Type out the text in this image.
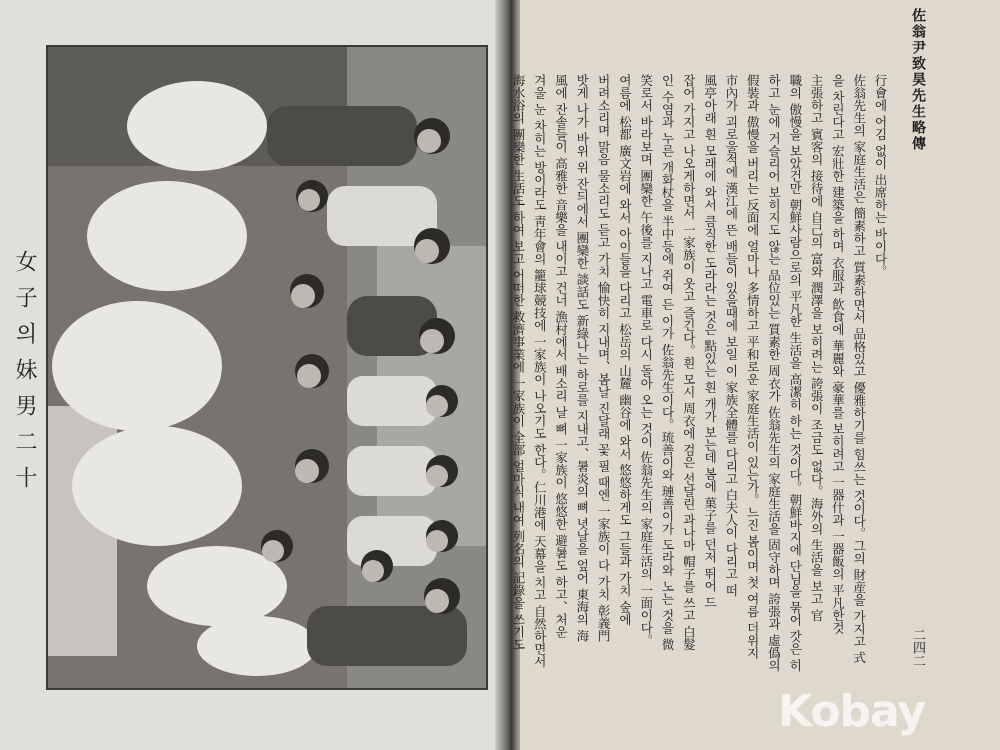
女子의妹男二十
佐翁尹致昊先生略傳
二四二

行會에 어김 없이 出席하는 바이다。

佐翁先生의 家庭生活은 簡素하고 質素하면서 品格있고 優雅하기를 힘쓰는 것이다。그의 財産을 가지고 式

을 차린다고 宏壯한 建築을 하며 衣服과 飮食에 華麗와 豪華를 보히려고 一器什과 一器飯의 平凡한것

主張하고 賓客의 接待에 自己의 富와 潤澤을 보히려는 誇張이 조금도 없다。海外의 生活을 보고 官

職의 傲慢을 보았건만 朝鮮사람으로의 平凡한 生活을 高潔히 하는 것이다。朝鮮바지에 단님을 묶어 갓은 히

하고 눈에 거슬리어 보히지도 않는 品位있는 質素한 周衣가 佐翁先生의 家庭生活을 固守하며 誇張과 虛僞의

假裝과 傲慢을 버리는 反面에 얼마나 多情하고 平和로운 家庭生活이 있는가。느진 봄이며 첫 여름 더위지

市內가 괴로울적에 漢江에 뜬 배들이 있을때에 보일 이 家族全體를 다리고 白夫人이 다리고 떠

風亭아래 흰 모래에 와서 큼직한 도라라는 것은 點있는 흰 개가 보는데 봄에 菓子를 던저 뛰어 드

잡어 가지고 나오게하면서 一家族이 웃고 즐긴다。흰 모시 周衣에 검은 선달린 과나마 帽子를 쓰고 白髮

인 수염과 누른 개화杖을 半中등에 쥐여 든 이가 佐翁先生이다。琉善이와 璉善이가 도라와 노는 것을 微

笑로서 바라보며 團欒한 午後를 지나고 電車로 다시 돌아 오는 것이 佐翁先生의 家庭生活의 一面이다。

여름에 松都 廣文岩에 와서 아이들을 다리고 松岳의 山麓 幽谷에 와서 悠悠하게도 그들과 가치 숲에

버려소리며 맑음 물소리도 듣고 가치 愉快히 지내며、봄날 진달래 꽃 필 때엔 一家族이 다 가치 彰義門

밧게 나가 바위 위 잔듸에서 團欒한 談話도 新綠나는 하로를 지내고、暑炎의 뼈 녓날을 엎어 東海의 海

風에 잔솔들이 高雅한 音樂을 내이고 건너 漁村에서 배소리 날 뼈 一家族이 悠悠한 避暑도 하고、처운

겨울 눈 차히는 방이라도 靑年會의 籠球競技에 一家族이 나오기도 한다。仁川港에 天幕을 치고 自然하면서

海水浴의 團欒한 生活도 하여 보고 어떠한 救濟事業에 一家族이 全部 얼마식 내여 列名의 記錄을 쓰기도

Kobay
